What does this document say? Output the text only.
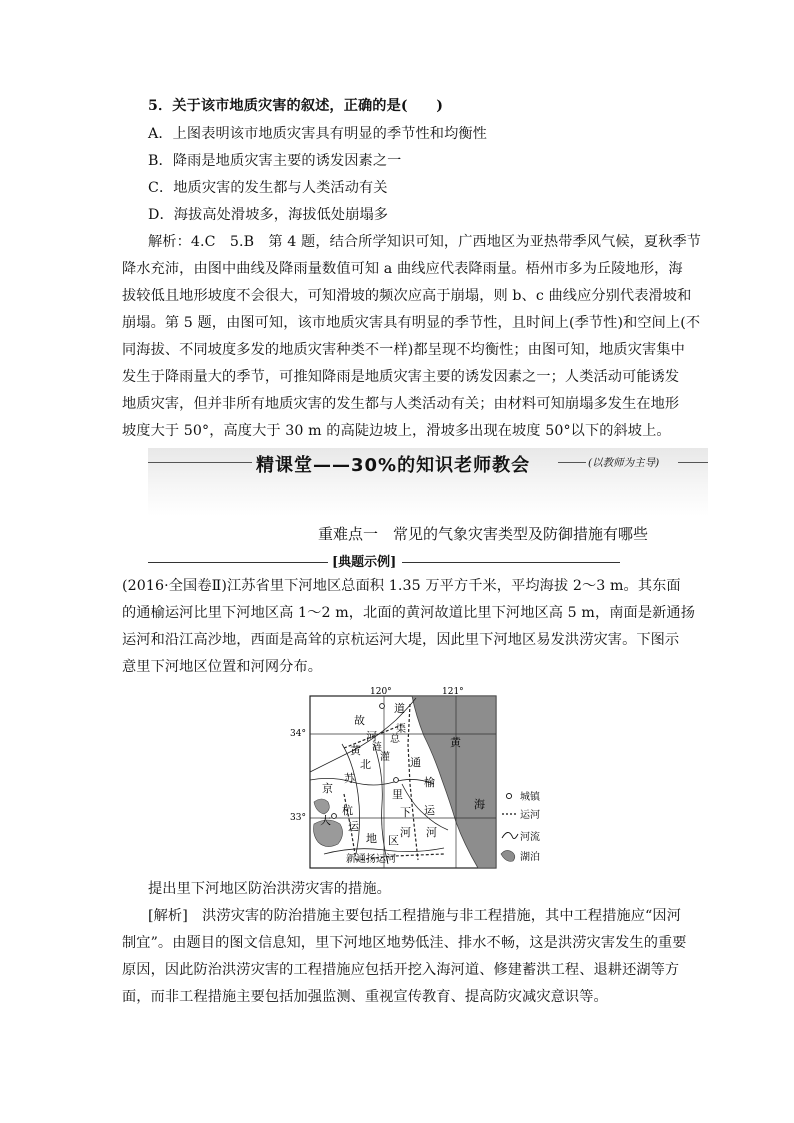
5．关于该市地质灾害的叙述，正确的是(　　)
A．上图表明该市地质灾害具有明显的季节性和均衡性
B．降雨是地质灾害主要的诱发因素之一
C．地质灾害的发生都与人类活动有关
D．海拔高处滑坡多，海拔低处崩塌多
解析：4.C　5.B　第 4 题，结合所学知识可知，广西地区为亚热带季风气候，夏秋季节
降水充沛，由图中曲线及降雨量数值可知 a 曲线应代表降雨量。梧州市多为丘陵地形，海
拔较低且地形坡度不会很大，可知滑坡的频次应高于崩塌，则 b、c 曲线应分别代表滑坡和
崩塌。第 5 题，由图可知，该市地质灾害具有明显的季节性，且时间上(季节性)和空间上(不
同海拔、不同坡度多发的地质灾害种类不一样)都呈现不均衡性；由图可知，地质灾害集中
发生于降雨量大的季节，可推知降雨是地质灾害主要的诱发因素之一；人类活动可能诱发
地质灾害，但并非所有地质灾害的发生都与人类活动有关；由材料可知崩塌多发生在地形
坡度大于 50°，高度大于 30 m 的高陡边坡上，滑坡多出现在坡度 50°以下的斜坡上。
精课堂——30%的知识老师教会	(以教师为主导)
重难点一　常见的气象灾害类型及防御措施有哪些
[典题示例]
(2016·全国卷Ⅱ)江苏省里下河地区总面积 1.35 万平方千米，平均海拔 2～3 m。其东面
的通榆运河比里下河地区高 1～2 m，北面的黄河故道比里下河地区高 5 m，南面是新通扬
运河和沿江高沙地，西面是高耸的京杭运河大堤，因此里下河地区易发洪涝灾害。下图示
意里下河地区位置和河网分布。
120°	121°
34°
33°
故
道
黄
河
涟
灌
总
渠
北
苏
京	里
通
下
榆
杭
河
运
大 运
地	河
区
新通扬运河
黄
海
城镇
运河
河流
湖泊
提出里下河地区防治洪涝灾害的措施。
[解析]　洪涝灾害的防治措施主要包括工程措施与非工程措施，其中工程措施应“因河
制宜”。由题目的图文信息知，里下河地区地势低洼、排水不畅，这是洪涝灾害发生的重要
原因，因此防治洪涝灾害的工程措施应包括开挖入海河道、修建蓄洪工程、退耕还湖等方
面，而非工程措施主要包括加强监测、重视宣传教育、提高防灾减灾意识等。
